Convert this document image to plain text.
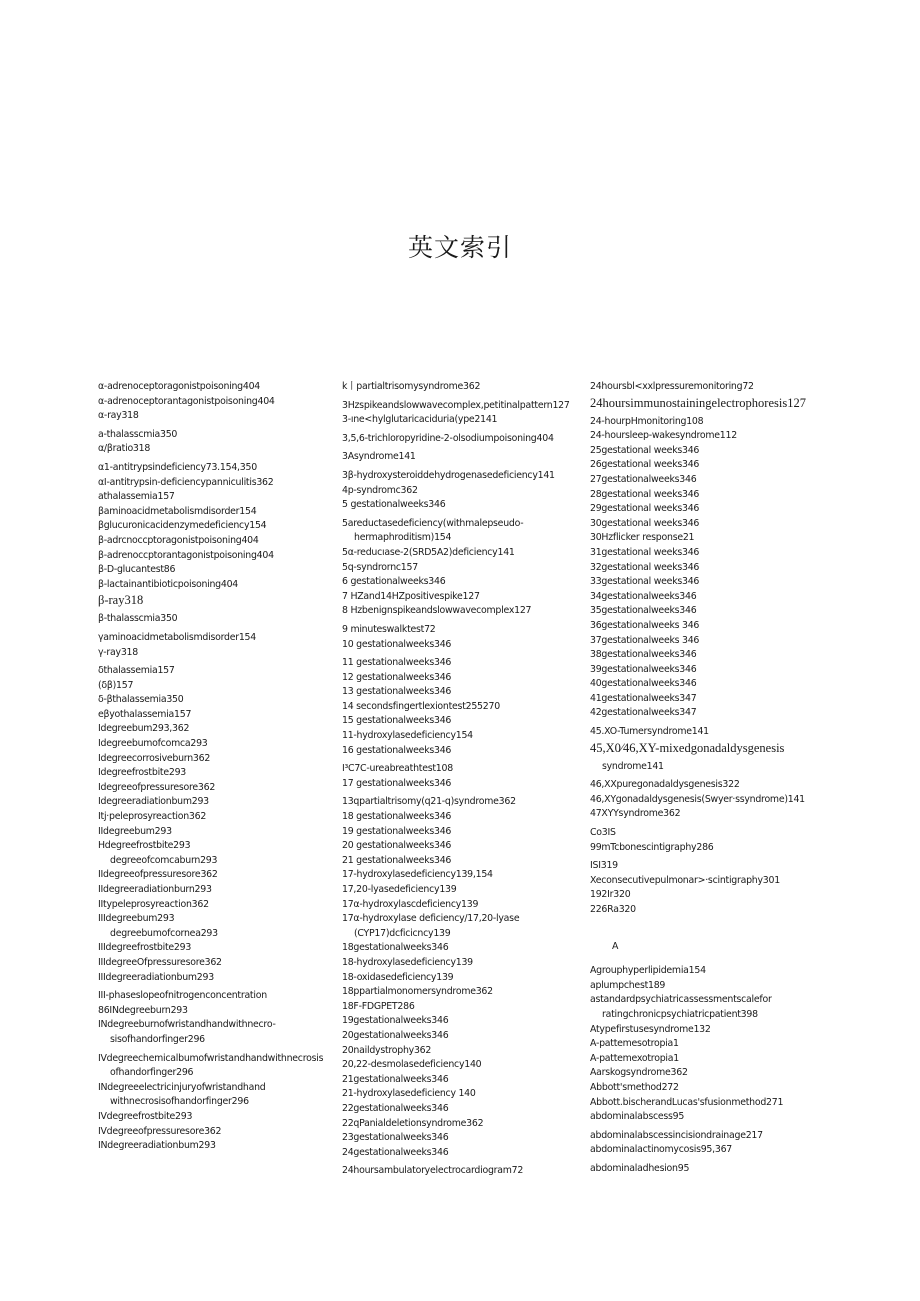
英文索引
α-adrenoceptoragonistpoisoning404
α-adrenoceptorantagonistpoisoning404
α-ray318
a-thalasscmia350
α/βratio318
α1-antitrypsindeficiency73.154,350
αI-antitrypsin-deficiencypanniculitis362
athalassemia157
βaminoacidmetabolismdisorder154
βglucuronicacidenzymedeficiency154
β-adrcnocсptoragonistpoisoning404
β-adrenocсptorantagonistpoisoning404
β-D-glucantest86
β-lactainantibioticpoisoning404
β-ray318
β-thalasscmia350
γaminoacidmetabolismdisorder154
γ-ray318
δthalassemia157
(δβ)157
δ-βthalassemia350
eβyothalassemia157
Idegreebum293,362
Idegreebumofcomca293
Idegreecorrosiveburn362
Idegreefrostbite293
Idegreeofpressuresore362
Idegreeradiationbum293
Itj·peleprosyreaction362
IIdegreebum293
Hdegreefrostbite293
degreeofcomcaburn293
IIdegreeofpressuresore362
IIdegreeradiationburn293
IItypeleprosyreaction362
IIIdegreebum293
degreebumofcornea293
IIIdegreefrostbite293
IIIdegreeOfpressuresore362
IIIdegreeradiationbum293
III-phaseslopeofnitrogenconcentration
86INdegreeburn293
INdegreeburnofwristandhandwithnecro-
sisofhandorfinger296
IVdegreechemicalbumofwristandhandwithnecrosis
ofhandorfinger296
INdegreeelectricinjuryofwristandhand
withnecrosisofhandorfinger296
IVdegreefrostbite293
IVdegreeofpressuresore362
INdegreeradiationbum293
k丨partialtrisomysyndrome362
3Hzspikeandslowwavecomplex,petitinalpattern127
3-ıne<hylglutaricaciduria(ype2141
3,5,6-trichloropyridine-2-olsodiumpoisoning404
3Asyndrome141
3β-hydroxysteroiddehydrogenasedeficiency141
4p-syndromc362
5 gestationalweeks346
5areductasedeficiency(withmalepseudo-
hermaphroditism)154
5α-reducıase-2(SRD5A2)deficiency141
5q-syndrornc157
6 gestationalweeks346
7 HZand14HZpositivespike127
8 Hzbenignspikeandslowwavecomplex127
9 minuteswalktest72
10 gestationalweeks346
11 gestationalweeks346
12 gestationalweeks346
13 gestationalweeks346
14 secondsfingertlexiontest255270
15 gestationalweeks346
11-hydroxylasedeficiency154
16 gestationalweeks346
I³C7C-ureabreathtest108
17 gestationalweeks346
13qpartialtrisomy(q21-q)syndrome362
18 gestationalweeks346
19 gestationalweeks346
20 gestationalweeks346
21 gestationalweeks346
17-hydroxylasedeficiency139,154
17,20-lyasedeficiency139
17α-hydroxylascdeficiency139
17α-hydroxylase deficiency/17,20-lyase
(CYP17)dcficicncy139
18gestationalweeks346
18-hydroxylasedeficiency139
18-oxidasedeficiency139
18ppartialmonomersyndrome362
18F-FDGPET286
19gestationalweeks346
20gestationalweeks346
20naildystrophy362
20,22-desmolasedeficiency140
21gestationalweeks346
21-hydroxylasedeficiency 140
22gestationalweeks346
22qPanialdeletionsyndrome362
23gestationalweeks346
24gestationalweeks346
24hoursambulatoryelectrocardiogram72
24hoursbl<xxlpressuremonitoring72
24hoursimmunostainingelectrophoresis127
24-hourpHmonitoring108
24-hoursleep-wakesyndrome112
25gestational weeks346
26gestational weeks346
27gestationalweeks346
28gestational weeks346
29gestational weeks346
30gestational weeks346
30Hzflicker response21
31gestational weeks346
32gestational weeks346
33gestational weeks346
34gestationalweeks346
35gestationalweeks346
36gestationalweeks 346
37gestationalweeks 346
38gestationalweeks346
39gestationalweeks346
40gestationalweeks346
41gestationalweeks347
42gestationalweeks347
45.XO-Tumersyndrome141
45,X0⁄46,XY-mixedgonadaldysgenesis
syndrome141
46,XXpuregonadaldysgenesis322
46,XYgonadaldysgenesis(Swyer·ssyndrome)141
47XYYsyndrome362
Co3IS
99mTcbonescintigraphy286
ISI319
Xeconsecutivepulmonar>·scintigraphy301
192Ir320
226Ra320
A
Agrouphyperlipidemia154
aplumpchest189
astandardpsychiatricassessmentscalefor
ratingchronicpsychiatricpatient398
Atypefirstusesyndrome132
A-pattemesotropia1
A-pattemexotropia1
Aarskogsyndrome362
Abbott'smethod272
Abbott.bischerandLucas'sfusionmethod271
abdominalabscess95
abdominalabscessincisiondrainage217
abdominalactinomycosis95,367
abdominaladhesion95
